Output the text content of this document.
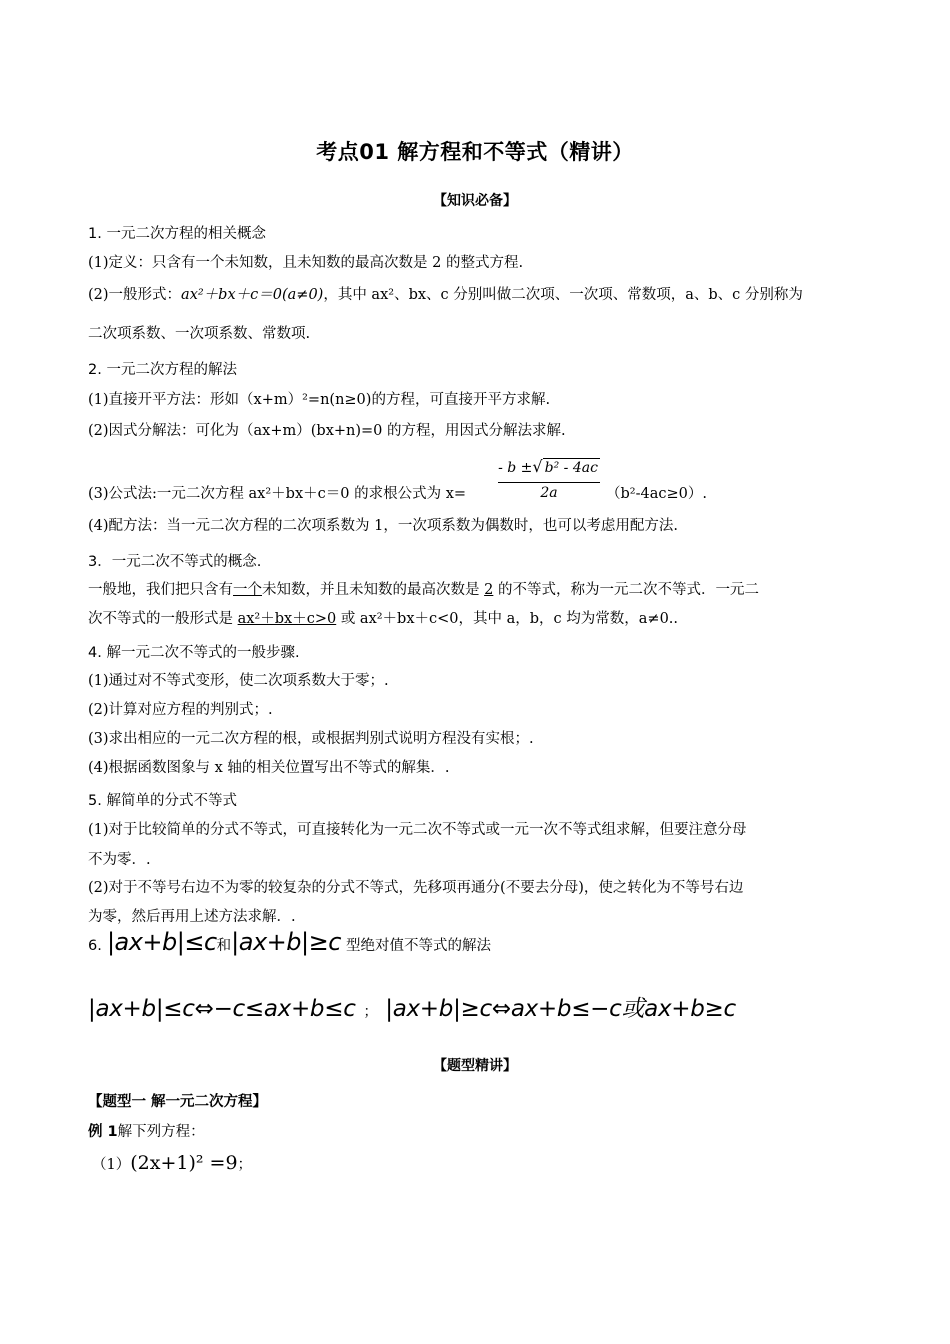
考点01 解方程和不等式（精讲）
【知识必备】
1. 一元二次方程的相关概念
(1)定义：只含有一个未知数，且未知数的最高次数是 2 的整式方程.
(2)一般形式：ax²＋bx＋c＝0(a≠0)，其中 ax²、bx、c 分别叫做二次项、一次项、常数项，a、b、c 分别称为
二次项系数、一次项系数、常数项.
2. 一元二次方程的解法
(1)直接开平方法：形如（x+m）²=n(n≥0)的方程，可直接开平方求解.
(2)因式分解法：可化为（ax+m）(bx+n)=0 的方程，用因式分解法求解.
(3)公式法:一元二次方程 ax²＋bx＋c＝0 的求根公式为 $x= \frac{\text{- b ±√ b² - 4ac}}{2a} (b^2-4ac\ge 0)$.
(4)配方法：当一元二次方程的二次项系数为 1，一次项系数为偶数时，也可以考虑用配方法.
3．一元二次不等式的概念.
一般地，我们把只含有一个未知数，并且未知数的最高次数是 2 的不等式，称为一元二次不等式．一元二
次不等式的一般形式是 ax²＋bx＋c>0 或 ax²＋bx＋c<0，其中 a，b，c 均为常数，a≠0..
4. 解一元二次不等式的一般步骤.
(1)通过对不等式变形，使二次项系数大于零；.
(2)计算对应方程的判别式；.
(3)求出相应的一元二次方程的根，或根据判别式说明方程没有实根；.
(4)根据函数图象与 x 轴的相关位置写出不等式的解集．.
5. 解简单的分式不等式
(1)对于比较简单的分式不等式，可直接转化为一元二次不等式或一元一次不等式组求解，但要注意分母
不为零．.
(2)对于不等号右边不为零的较复杂的分式不等式，先移项再通分(不要去分母)，使之转化为不等号右边
为零，然后再用上述方法求解．.
6. |ax+b|≤c和|ax+b|≥c 型绝对值不等式的解法
|ax+b|≤c⇔−c≤ax+b≤c ； |ax+b|≥c⇔ax+b≤−c或ax+b≥c
【题型精讲】
【题型一 解一元二次方程】
例 1解下列方程：
（1）(2x+1)² =9；
